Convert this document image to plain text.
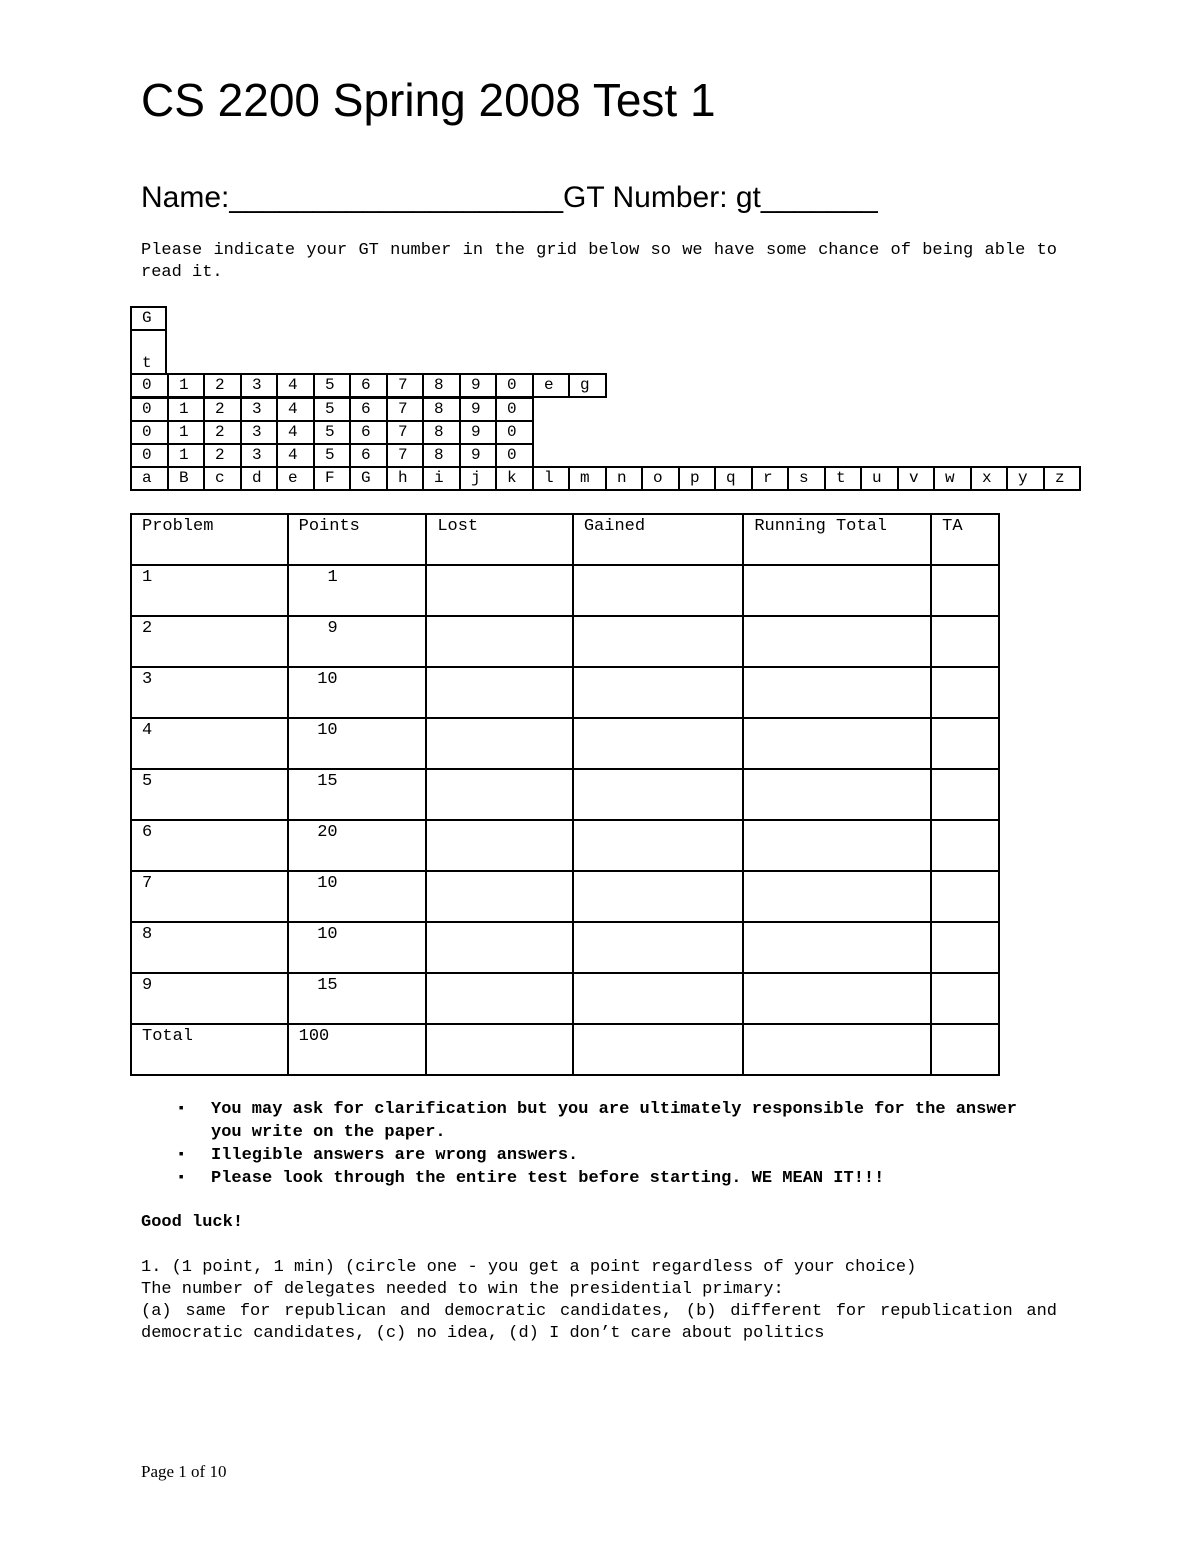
CS 2200 Spring 2008 Test 1
Name:____________________GT Number: gt_______
Please indicate your GT number in the grid below so we have some chance of being able to read it.
G
t
0	1	2	3	4	5	6	7	8	9	0	e	g
0	1	2	3	4	5	6	7	8	9	0
0	1	2	3	4	5	6	7	8	9	0
0	1	2	3	4	5	6	7	8	9	0
a	B	c	d	e	F	G	h	i	j	k	l	m	n	o	p	q	r	s	t	u	v	w	x	y	z
Problem	Points	Lost	Gained	Running Total	TA
1	1				
2	9				
3	10				
4	10				
5	15				
6	20				
7	10				
8	10				
9	15				
Total	100				
▪ You may ask for clarification but you are ultimately responsible for the answer you write on the paper.
▪ Illegible answers are wrong answers.
▪ Please look through the entire test before starting. WE MEAN IT!!!
Good luck!
1. (1 point, 1 min) (circle one - you get a point regardless of your choice)
The number of delegates needed to win the presidential primary:
(a) same for republican and democratic candidates, (b) different for republication and democratic candidates, (c) no idea, (d) I don’t care about politics
Page 1 of 10
